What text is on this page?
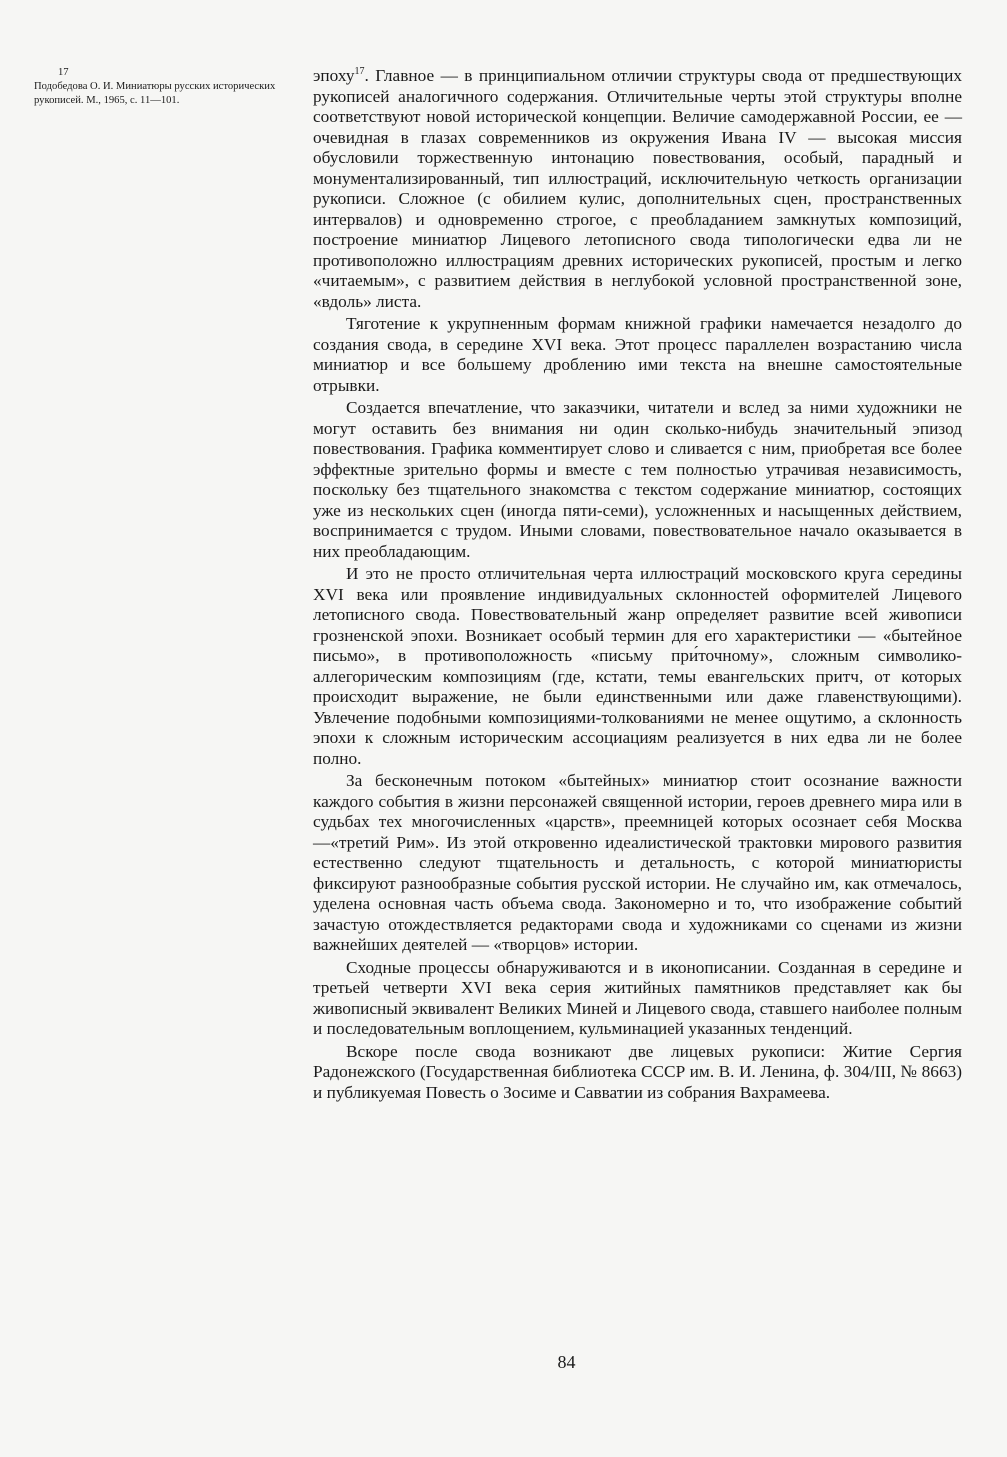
17
Подобедова О. И. Миниатюры русских исторических рукописей. М., 1965, с. 11—101.

эпоху$^{17}$. Главное — в принципиальном отличии структуры свода от предшествующих рукописей аналогичного содержания. Отличительные черты этой структуры вполне соответствуют новой исторической концепции. Величие самодержавной России, ее — очевидная в глазах современников из окружения Ивана IV — высокая миссия обусловили торжественную интонацию повествования, особый, парадный и монументализированный, тип иллюстраций, исключительную четкость организации рукописи. Сложное (с обилием кулис, дополнительных сцен, пространственных интервалов) и одновременно строгое, с преобладанием замкнутых композиций, построение миниатюр Лицевого летописного свода типологически едва ли не противоположно иллюстрациям древних исторических рукописей, простым и легко «читаемым», с развитием действия в неглубокой условной пространственной зоне, «вдоль» листа.

Тяготение к укрупненным формам книжной графики намечается незадолго до создания свода, в середине XVI века. Этот процесс параллелен возрастанию числа миниатюр и все большему дроблению ими текста на внешне самостоятельные отрывки.

Создается впечатление, что заказчики, читатели и вслед за ними художники не могут оставить без внимания ни один сколько-нибудь значительный эпизод повествования. Графика комментирует слово и сливается с ним, приобретая все более эффектные зрительно формы и вместе с тем полностью утрачивая независимость, поскольку без тщательного знакомства с текстом содержание миниатюр, состоящих уже из нескольких сцен (иногда пяти-семи), усложненных и насыщенных действием, воспринимается с трудом. Иными словами, повествовательное начало оказывается в них преобладающим.

И это не просто отличительная черта иллюстраций московского круга середины XVI века или проявление индивидуальных склонностей оформителей Лицевого летописного свода. Повествовательный жанр определяет развитие всей живописи грозненской эпохи. Возникает особый термин для его характеристики — «бытейное письмо», в противоположность «письму при́точному», сложным символико-аллегорическим композициям (где, кстати, темы евангельских притч, от которых происходит выражение, не были единственными или даже главенствующими). Увлечение подобными композициями-толкованиями не менее ощутимо, а склонность эпохи к сложным историческим ассоциациям реализуется в них едва ли не более полно.

За бесконечным потоком «бытейных» миниатюр стоит осознание важности каждого события в жизни персонажей священной истории, героев древнего мира или в судьбах тех многочисленных «царств», преемницей которых осознает себя Москва—«третий Рим». Из этой откровенно идеалистической трактовки мирового развития естественно следуют тщательность и детальность, с которой миниатюристы фиксируют разнообразные события русской истории. Не случайно им, как отмечалось, уделена основная часть объема свода. Закономерно и то, что изображение событий зачастую отождествляется редакторами свода и художниками со сценами из жизни важнейших деятелей — «творцов» истории.

Сходные процессы обнаруживаются и в иконописании. Созданная в середине и третьей четверти XVI века серия житийных памятников представляет как бы живописный эквивалент Великих Миней и Лицевого свода, ставшего наиболее полным и последовательным воплощением, кульминацией указанных тенденций.

Вскоре после свода возникают две лицевых рукописи: Житие Сергия Радонежского (Государственная библиотека СССР им. В. И. Ленина, ф. 304/III, № 8663) и публикуемая Повесть о Зосиме и Савватии из собрания Вахрамеева.

84
